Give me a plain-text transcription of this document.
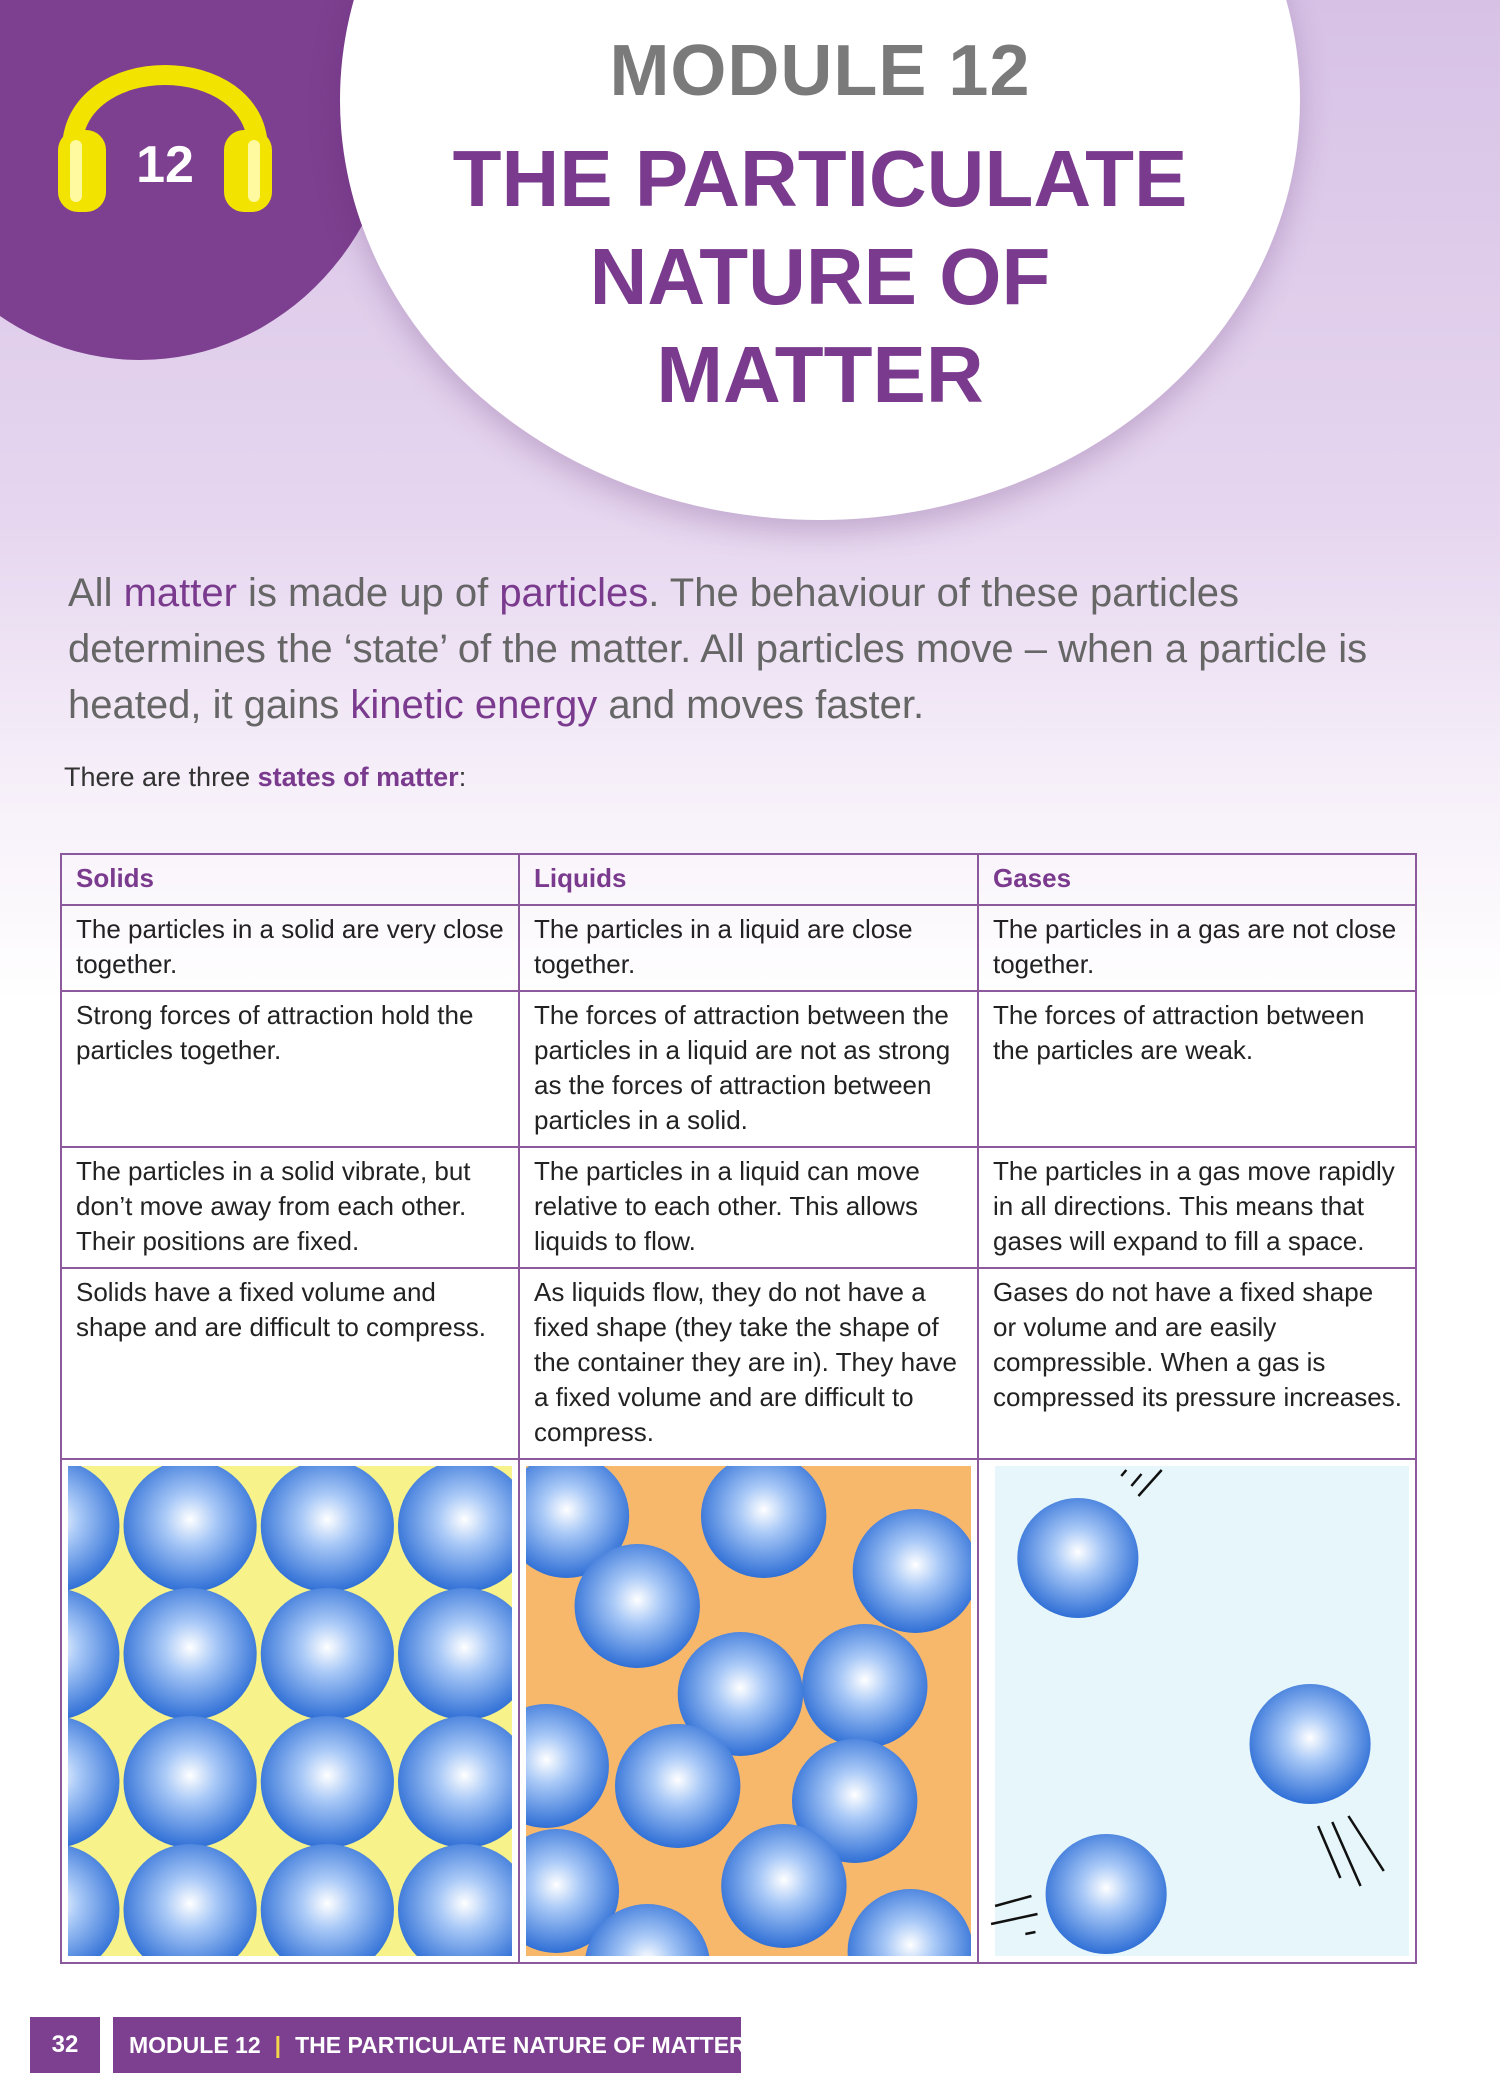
12
MODULE 12
THE PARTICULATE
NATURE OF
MATTER
All matter is made up of particles. The behaviour of these particles determines the ‘state’ of the matter. All particles move – when a particle is heated, it gains kinetic energy and moves faster.
There are three states of matter:
Solids	Liquids	Gases
The particles in a solid are very close together.	The particles in a liquid are close together.	The particles in a gas are not close together.
Strong forces of attraction hold the particles together.	The forces of attraction between the particles in a liquid are not as strong as the forces of attraction between particles in a solid.	The forces of attraction between the particles are weak.
The particles in a solid vibrate, but don’t move away from each other. Their positions are fixed.	The particles in a liquid can move relative to each other. This allows liquids to flow.	The particles in a gas move rapidly in all directions. This means that gases will expand to fill a space.
Solids have a fixed volume and shape and are difficult to compress.	As liquids flow, they do not have a fixed shape (they take the shape of the container they are in). They have a fixed volume and are difficult to compress.	Gases do not have a fixed shape or volume and are easily compressible. When a gas is compressed its pressure increases.

32	MODULE 12 | THE PARTICULATE NATURE OF MATTER
